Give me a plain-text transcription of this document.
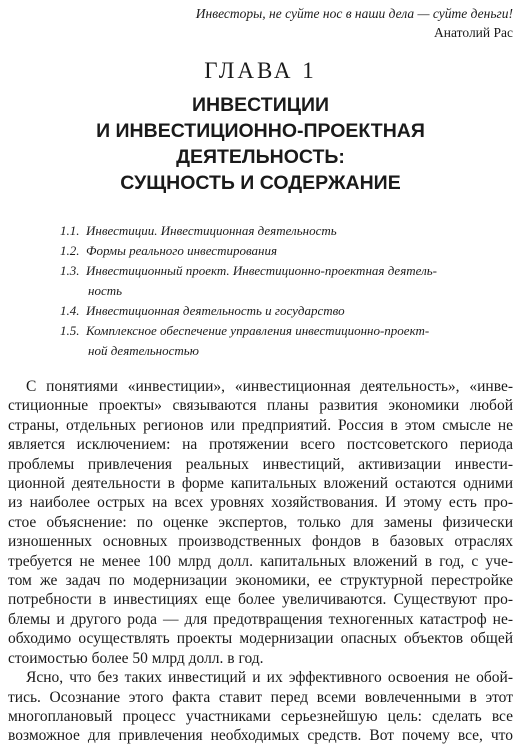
Инвесторы, не суйте нос в наши дела — суйте деньги!
Анатолий Рас
ГЛАВА 1
ИНВЕСТИЦИИ
И ИНВЕСТИЦИОННО-ПРОЕКТНАЯ
ДЕЯТЕЛЬНОСТЬ:
СУЩНОСТЬ И СОДЕРЖАНИЕ
1.1. Инвестиции. Инвестиционная деятельность
1.2. Формы реального инвестирования
1.3. Инвестиционный проект. Инвестиционно-проектная деятель-
ность
1.4. Инвестиционная деятельность и государство
1.5. Комплексное обеспечение управления инвестиционно-проект-
ной деятельностью
С понятиями «инвестиции», «инвестиционная деятельность», «инве-
стиционные проекты» связываются планы развития экономики любой
страны, отдельных регионов или предприятий. Россия в этом смысле не
является исключением: на протяжении всего постсоветского периода
проблемы привлечения реальных инвестиций, активизации инвести-
ционной деятельности в форме капитальных вложений остаются одними
из наиболее острых на всех уровнях хозяйствования. И этому есть про-
стое объяснение: по оценке экспертов, только для замены физически
изношенных основных производственных фондов в базовых отраслях
требуется не менее 100 млрд долл. капитальных вложений в год, с уче-
том же задач по модернизации экономики, ее структурной перестройке
потребности в инвестициях еще более увеличиваются. Существуют про-
блемы и другого рода — для предотвращения техногенных катастроф не-
обходимо осуществлять проекты модернизации опасных объектов общей
стоимостью более 50 млрд долл. в год.
Ясно, что без таких инвестиций и их эффективного освоения не обой-
тись. Осознание этого факта ставит перед всеми вовлеченными в этот
многоплановый процесс участниками серьезнейшую цель: сделать все
возможное для привлечения необходимых средств. Вот почему все, что
